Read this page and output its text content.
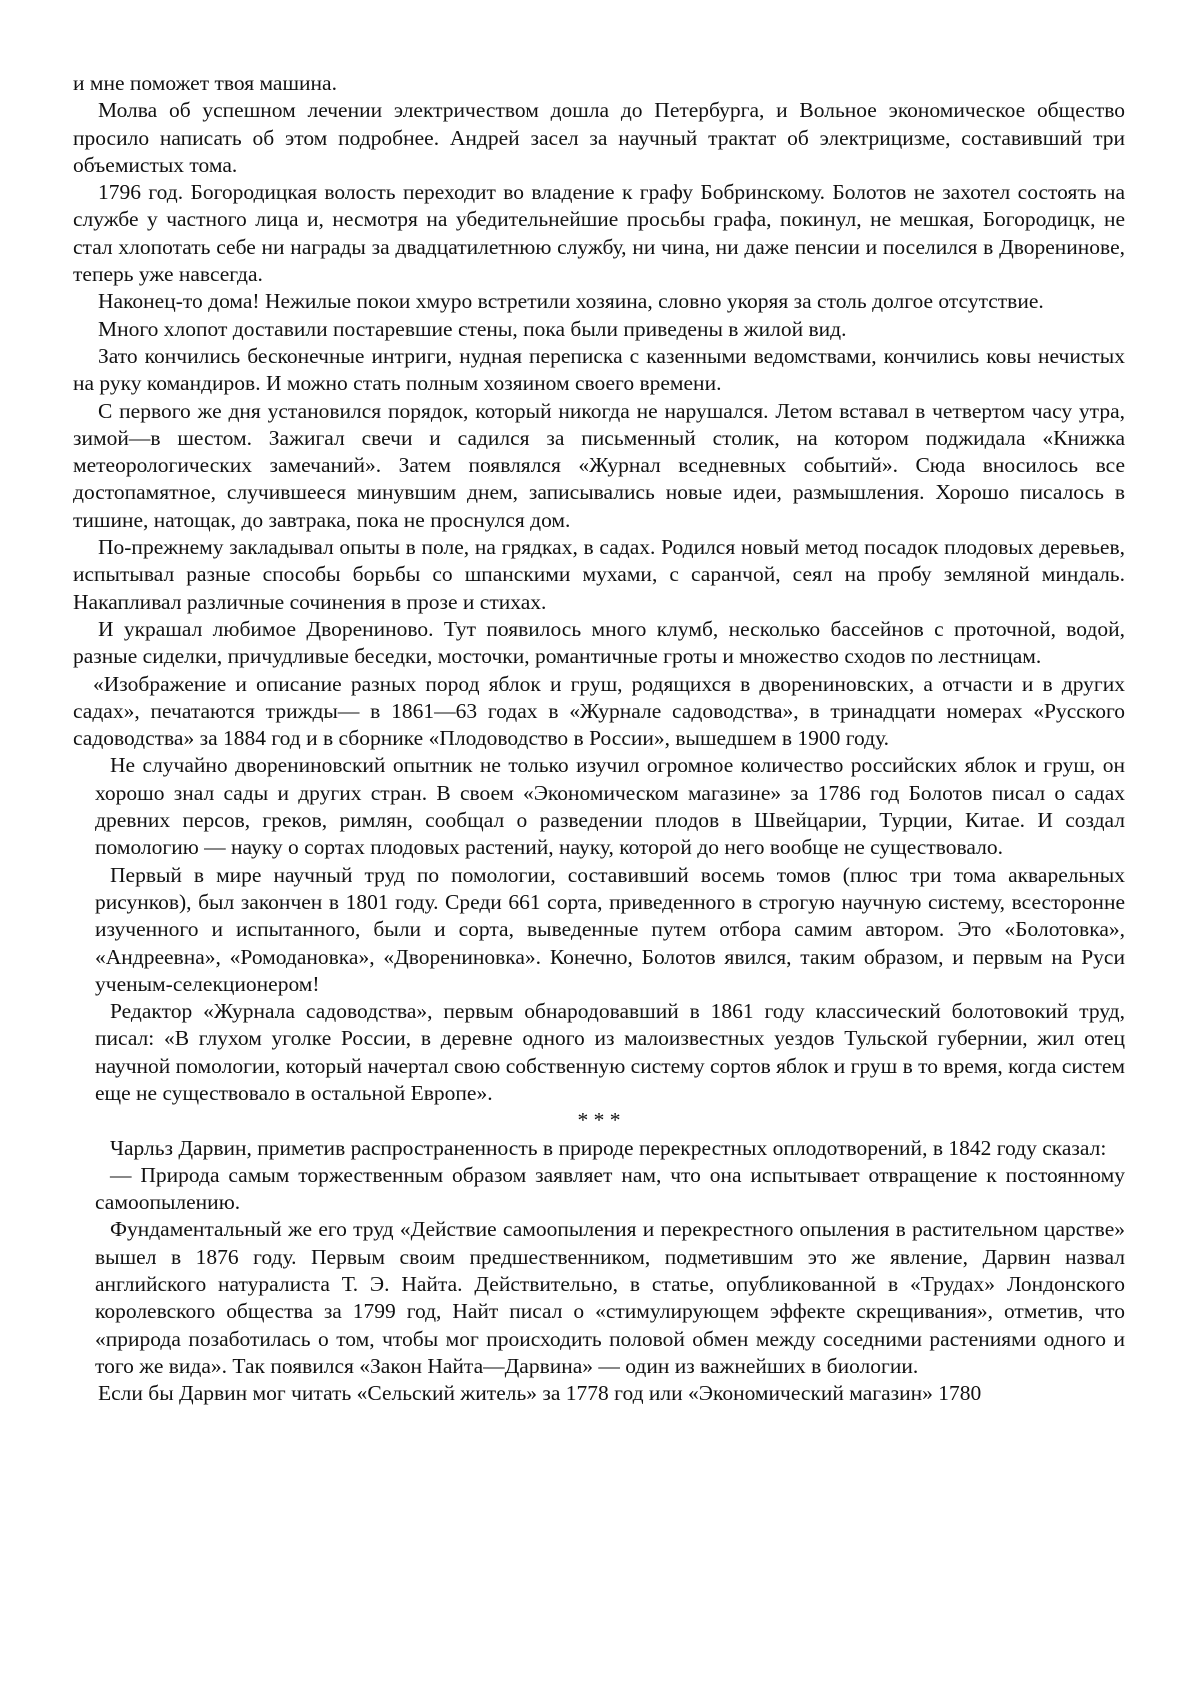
и мне поможет твоя машина.

Молва об успешном лечении электричеством дошла до Петербурга, и Вольное экономическое общество просило написать об этом подробнее. Андрей засел за научный трактат об электрицизме, составивший три объемистых тома.

1796 год. Богородицкая волость переходит во владение к графу Бобринскому. Болотов не захотел состоять на службе у частного лица и, несмотря на убедительнейшие просьбы графа, покинул, не мешкая, Богородицк, не стал хлопотать себе ни награды за двадцатилетнюю службу, ни чина, ни даже пенсии и поселился в Дворенинове, теперь уже навсегда.

Наконец-то дома! Нежилые покои хмуро встретили хозяина, словно укоряя за столь долгое отсутствие.

Много хлопот доставили постаревшие стены, пока были приведены в жилой вид.

Зато кончились бесконечные интриги, нудная переписка с казенными ведомствами, кончились ковы нечистых на руку командиров. И можно стать полным хозяином своего времени.

С первого же дня установился порядок, который никогда не нарушался. Летом вставал в четвертом часу утра, зимой—в шестом. Зажигал свечи и садился за письменный столик, на котором поджидала «Книжка метеорологических замечаний». Затем появлялся «Журнал вседневных событий». Сюда вносилось все достопамятное, случившееся минувшим днем, записывались новые идеи, размышления. Хорошо писалось в тишине, натощак, до завтрака, пока не проснулся дом.

По-прежнему закладывал опыты в поле, на грядках, в садах. Родился новый метод посадок плодовых деревьев, испытывал разные способы борьбы со шпанскими мухами, с саранчой, сеял на пробу земляной миндаль. Накапливал различные сочинения в прозе и стихах.

И украшал любимое Дворениново. Тут появилось много клумб, несколько бассейнов с проточной, водой, разные сиделки, причудливые беседки, мосточки, романтичные гроты и множество сходов по лестницам.

«Изображение и описание разных пород яблок и груш, родящихся в двоpениновских, а отчасти и в других садах», печатаются трижды— в 1861—63 годах в «Журнале садоводства», в тринадцати номерах «Русского садоводства» за 1884 год и в сборнике «Плодоводство в России», вышедшем в 1900 году.

Не случайно двоpениновский опытник не только изучил огромное количество российских яблок и груш, он хорошо знал сады и других стран. В своем «Экономическом магазине» за 1786 год Болотов писал о садах древних персов, греков, римлян, сообщал о разведении плодов в Швейцарии, Турции, Китае. И создал помологию — науку о сортах плодовых растений, науку, которой до него вообще не существовало.

Первый в мире научный труд по помологии, составивший восемь томов (плюс три тома акварельных рисунков), был закончен в 1801 году. Среди 661 сорта, приведенного в строгую научную систему, всесторонне изученного и испытанного, были и сорта, выведенные путем отбора самим автором. Это «Болотовка», «Андреевна», «Ромодановка», «Двоpениновка». Конечно, Болотов явился, таким образом, и первым на Руси ученым-селекционером!

Редактор «Журнала садоводства», первым обнародовавший в 1861 году классический болотовокий труд, писал: «В глухом уголке России, в деревне одного из малоизвестных уездов Тульской губернии, жил отец научной помологии, который начертал свою собственную систему сортов яблок и груш в то время, когда систем еще не существовало в остальной Европе».

* * *

Чарльз Дарвин, приметив распространенность в природе перекрестных оплодотворений, в 1842 году сказал:

— Природа самым торжественным образом заявляет нам, что она испытывает отвращение к постоянному самоопылению.

Фундаментальный же его труд «Действие самоопыления и перекрестного опыления в растительном царстве» вышел в 1876 году. Первым своим предшественником, подметившим это же явление, Дарвин назвал английского натуралиста Т. Э. Найта. Действительно, в статье, опубликованной в «Трудах» Лондонского королевского общества за 1799 год, Найт писал о «стимулирующем эффекте скрещивания», отметив, что «природа позаботилась о том, чтобы мог происходить половой обмен между соседними растениями одного и того же вида». Так появился «Закон Найта—Дарвина» — один из важнейших в биологии.

Если бы Дарвин мог читать «Сельский житель» за 1778 год или «Экономический магазин» 1780
